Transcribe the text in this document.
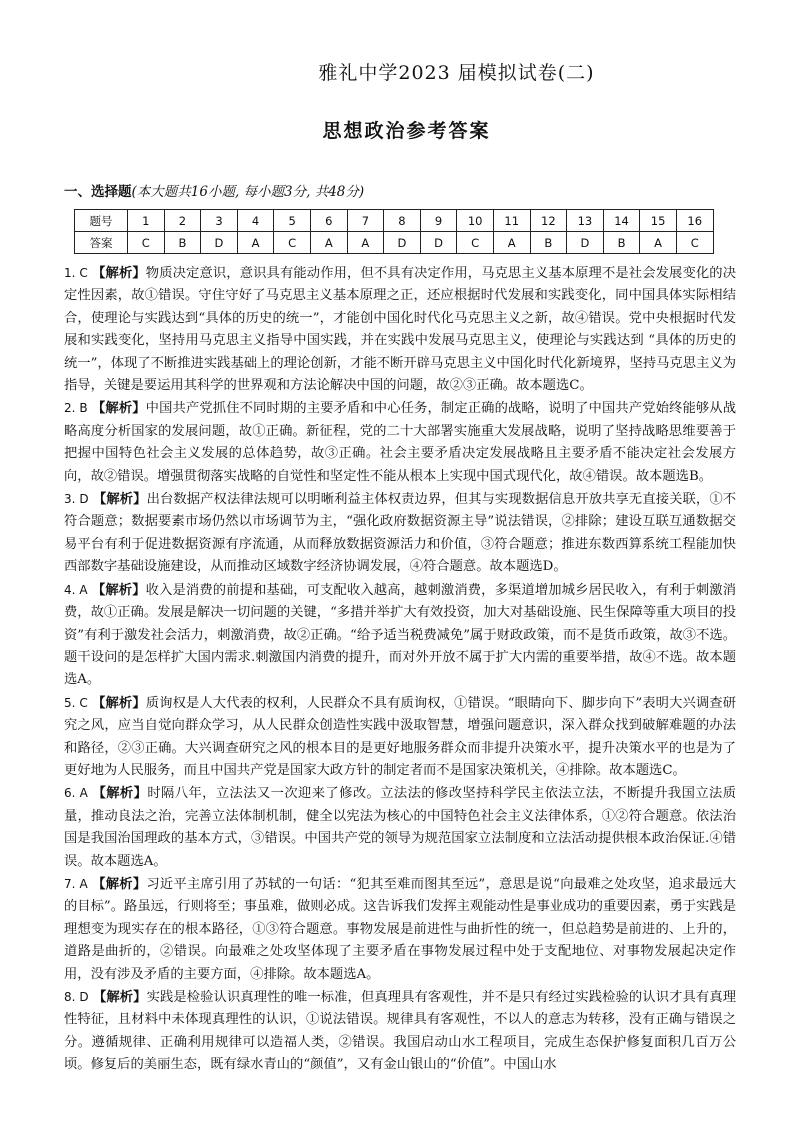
雅礼中学2023 届模拟试卷(二)
思想政治参考答案
一、选择题(本大题共16小题, 每小题3分, 共48分)
题号	1	2	3	4	5	6	7	8	9	10	11	12	13	14	15	16
答案	C	B	D	A	C	A	A	D	D	C	A	B	D	B	A	C

1. C 【解析】物质决定意识，意识具有能动作用，但不具有决定作用，马克思主义基本原理不是社会发展变化的决定性因素，故①错误。守住守好了马克思主义基本原理之正，还应根据时代发展和实践变化，同中国具体实际相结合，使理论与实践达到“具体的历史的统一”，才能创中国化时代化马克思主义之新，故④错误。党中央根据时代发展和实践变化，坚持用马克思主义指导中国实践，并在实践中发展马克思主义，使理论与实践达到 “具体的历史的统一”，体现了不断推进实践基础上的理论创新，才能不断开辟马克思主义中国化时代化新境界，坚持马克思主义为指导，关键是要运用其科学的世界观和方法论解决中国的问题，故②③正确。故本题选C。

2. B 【解析】中国共产党抓住不同时期的主要矛盾和中心任务，制定正确的战略，说明了中国共产党始终能够从战略高度分析国家的发展问题，故①正确。新征程，党的二十大部署实施重大发展战略，说明了坚持战略思维要善于把握中国特色社会主义发展的总体趋势，故③正确。社会主要矛盾决定发展战略且主要矛盾不能决定社会发展方向，故②错误。增强贯彻落实战略的自觉性和坚定性不能从根本上实现中国式现代化，故④错误。故本题选B。

3. D 【解析】出台数据产权法律法规可以明晰利益主体权责边界，但其与实现数据信息开放共享无直接关联，①不符合题意；数据要素市场仍然以市场调节为主，“强化政府数据资源主导”说法错误，②排除；建设互联互通数据交易平台有利于促进数据资源有序流通，从而释放数据资源活力和价值，③符合题意；推进东数西算系统工程能加快西部数字基础设施建设，从而推动区域数字经济协调发展，④符合题意。故本题选D。

4. A 【解析】收入是消费的前提和基础，可支配收入越高，越刺激消费，多渠道增加城乡居民收入，有利于刺激消费，故①正确。发展是解决一切问题的关键，“多措并举扩大有效投资，加大对基础设施、民生保障等重大项目的投资”有利于激发社会活力，刺激消费，故②正确。“给予适当税费减免”属于财政政策，而不是货币政策，故③不选。题干设问的是怎样扩大国内需求.刺激国内消费的提升，而对外开放不属于扩大内需的重要举措，故④不选。故本题选A。

5. C 【解析】质询权是人大代表的权利，人民群众不具有质询权，①错误。“眼睛向下、脚步向下”表明大兴调查研究之风，应当自觉向群众学习，从人民群众创造性实践中汲取智慧，增强问题意识，深入群众找到破解难题的办法和路径，②③正确。大兴调查研究之风的根本目的是更好地服务群众而非提升决策水平，提升决策水平的也是为了更好地为人民服务，而且中国共产党是国家大政方针的制定者而不是国家决策机关，④排除。故本题选C。

6. A 【解析】时隔八年，立法法又一次迎来了修改。立法法的修改坚持科学民主依法立法，不断提升我国立法质量，推动良法之治，完善立法体制机制，健全以宪法为核心的中国特色社会主义法律体系，①②符合题意。依法治国是我国治国理政的基本方式，③错误。中国共产党的领导为规范国家立法制度和立法活动提供根本政治保证.④错误。故本题选A。

7. A 【解析】习近平主席引用了苏轼的一句话：“犯其至难而图其至远”，意思是说“向最难之处攻坚，追求最远大的目标”。路虽远，行则将至；事虽难，做则必成。这告诉我们发挥主观能动性是事业成功的重要因素，勇于实践是理想变为现实存在的根本路径，①③符合题意。事物发展是前进性与曲折性的统一，但总趋势是前进的、上升的，道路是曲折的，②错误。向最难之处攻坚体现了主要矛盾在事物发展过程中处于支配地位、对事物发展起决定作用，没有涉及矛盾的主要方面，④排除。故本题选A。

8. D 【解析】实践是检验认识真理性的唯一标准，但真理具有客观性，并不是只有经过实践检验的认识才具有真理性特征，且材料中未体现真理性的认识，①说法错误。规律具有客观性，不以人的意志为转移，没有正确与错误之分。遵循规律、正确利用规律可以造福人类，②错误。我国启动山水工程项目，完成生态保护修复面积几百万公顷。修复后的美丽生态，既有绿水青山的“颜值”，又有金山银山的“价值”。中国山水
